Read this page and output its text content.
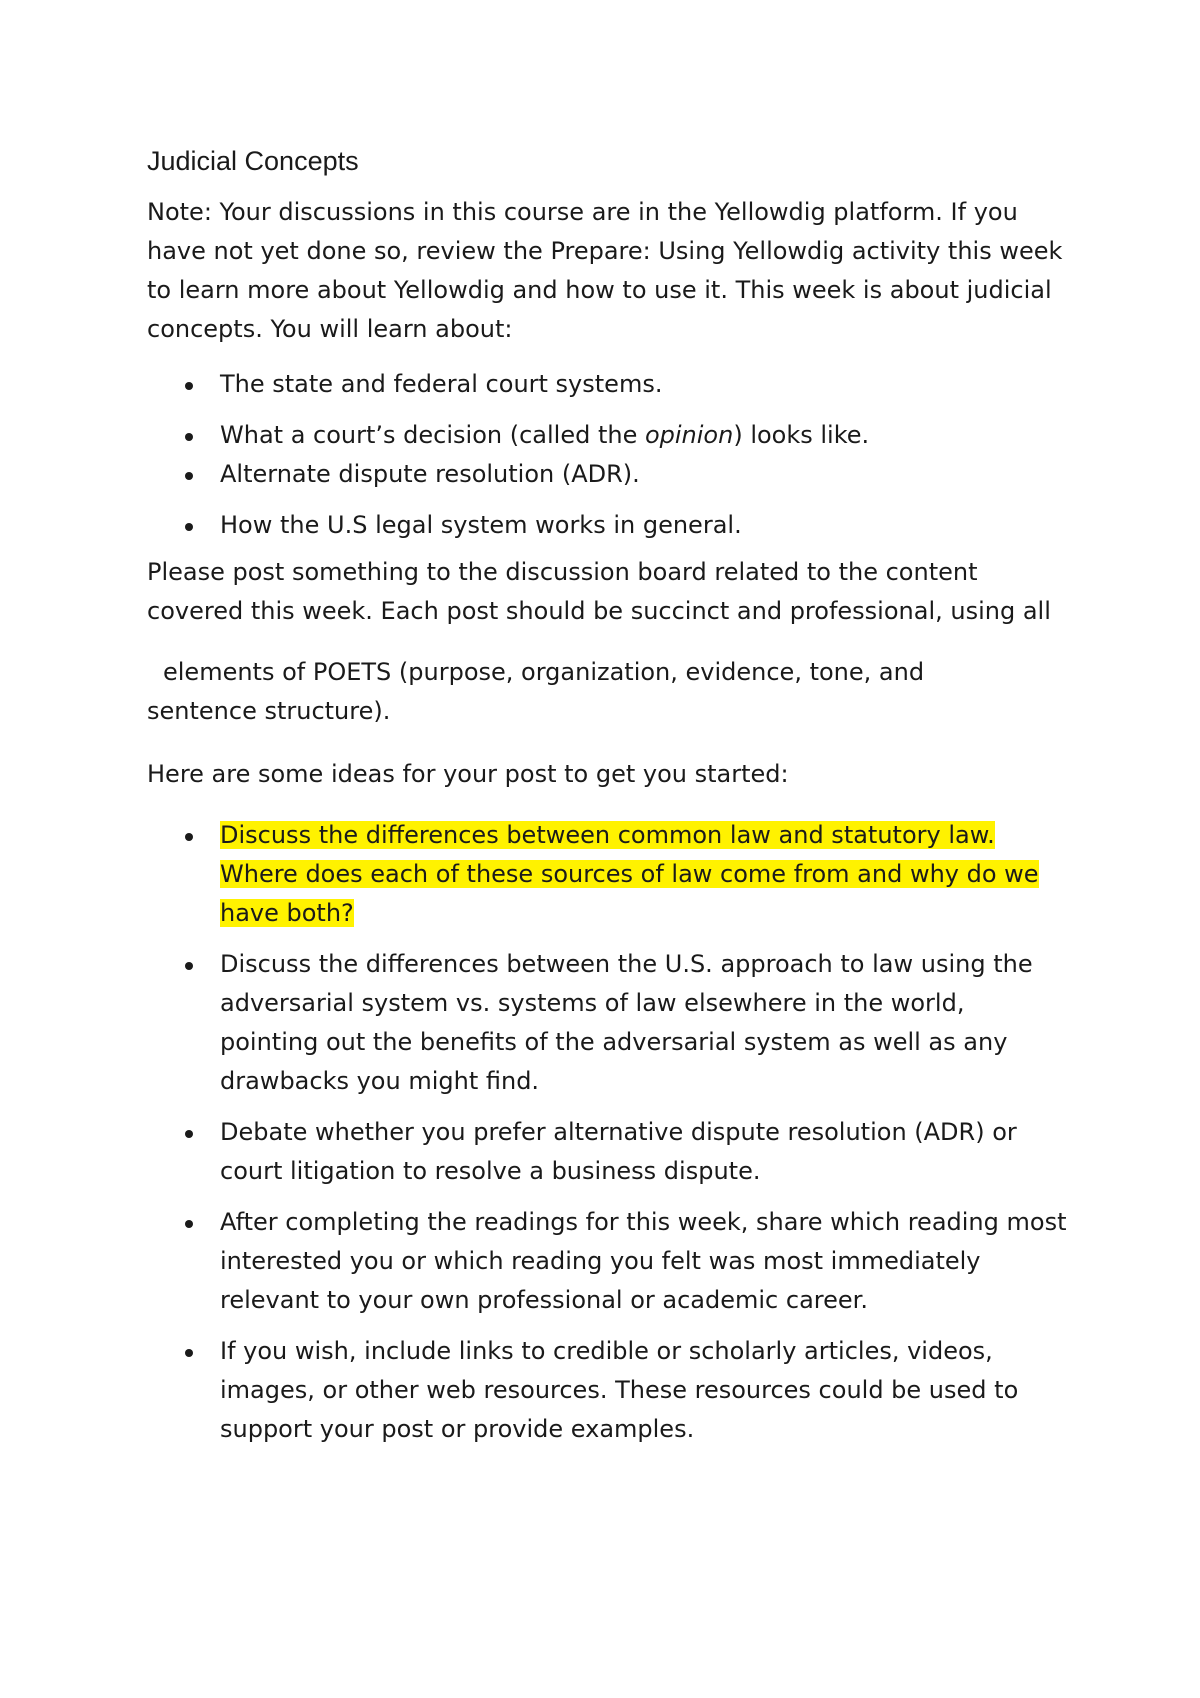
Judicial Concepts

Note: Your discussions in this course are in the Yellowdig platform. If you have not yet done so, review the Prepare: Using Yellowdig activity this week to learn more about Yellowdig and how to use it. This week is about judicial concepts. You will learn about:

The state and federal court systems.
What a court’s decision (called the opinion) looks like.
Alternate dispute resolution (ADR).
How the U.S legal system works in general.

Please post something to the discussion board related to the content covered this week. Each post should be succinct and professional, using all

elements of POETS (purpose, organization, evidence, tone, and

sentence structure).

Here are some ideas for your post to get you started:

Discuss the differences between common law and statutory law. Where does each of these sources of law come from and why do we have both?
Discuss the differences between the U.S. approach to law using the adversarial system vs. systems of law elsewhere in the world, pointing out the benefits of the adversarial system as well as any drawbacks you might find.
Debate whether you prefer alternative dispute resolution (ADR) or court litigation to resolve a business dispute.
After completing the readings for this week, share which reading most interested you or which reading you felt was most immediately relevant to your own professional or academic career.
If you wish, include links to credible or scholarly articles, videos, images, or other web resources. These resources could be used to support your post or provide examples.
